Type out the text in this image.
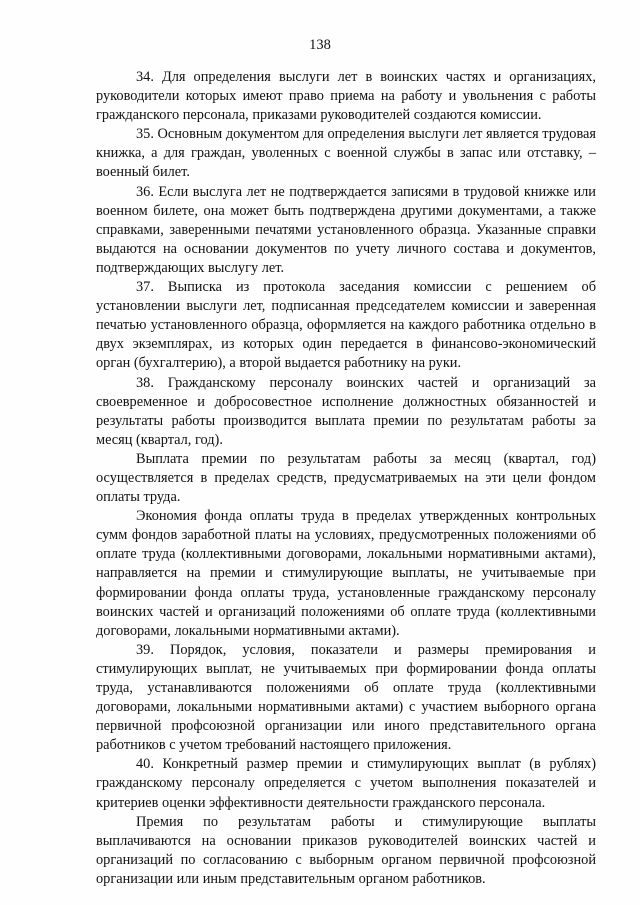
138

34. Для определения выслуги лет в воинских частях и организациях, руководители которых имеют право приема на работу и увольнения с работы гражданского персонала, приказами руководителей создаются комиссии.

35. Основным документом для определения выслуги лет является трудовая книжка, а для граждан, уволенных с военной службы в запас или отставку, – военный билет.

36. Если выслуга лет не подтверждается записями в трудовой книжке или военном билете, она может быть подтверждена другими документами, а также справками, заверенными печатями установленного образца. Указанные справки выдаются на основании документов по учету личного состава и документов, подтверждающих выслугу лет.

37. Выписка из протокола заседания комиссии с решением об установлении выслуги лет, подписанная председателем комиссии и заверенная печатью установленного образца, оформляется на каждого работника отдельно в двух экземплярах, из которых один передается в финансово-экономический орган (бухгалтерию), а второй выдается работнику на руки.

38. Гражданскому персоналу воинских частей и организаций за своевременное и добросовестное исполнение должностных обязанностей и результаты работы производится выплата премии по результатам работы за месяц (квартал, год).

Выплата премии по результатам работы за месяц (квартал, год) осуществляется в пределах средств, предусматриваемых на эти цели фондом оплаты труда.

Экономия фонда оплаты труда в пределах утвержденных контрольных сумм фондов заработной платы на условиях, предусмотренных положениями об оплате труда (коллективными договорами, локальными нормативными актами), направляется на премии и стимулирующие выплаты, не учитываемые при формировании фонда оплаты труда, установленные гражданскому персоналу воинских частей и организаций положениями об оплате труда (коллективными договорами, локальными нормативными актами).

39. Порядок, условия, показатели и размеры премирования и стимулирующих выплат, не учитываемых при формировании фонда оплаты труда, устанавливаются положениями об оплате труда (коллективными договорами, локальными нормативными актами) с участием выборного органа первичной профсоюзной организации или иного представительного органа работников с учетом требований настоящего приложения.

40. Конкретный размер премии и стимулирующих выплат (в рублях) гражданскому персоналу определяется с учетом выполнения показателей и критериев оценки эффективности деятельности гражданского персонала.

Премия по результатам работы и стимулирующие выплаты выплачиваются на основании приказов руководителей воинских частей и организаций по согласованию с выборным органом первичной профсоюзной организации или иным представительным органом работников.
